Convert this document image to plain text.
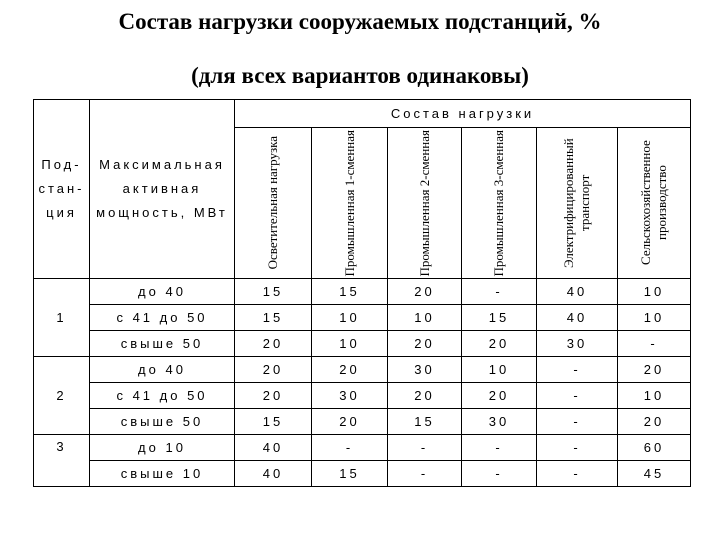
Состав нагрузки сооружаемых подстанций, %
(для всех вариантов одинаковы)
Под- стан- ция	Максимальная активная мощность, МВт	Состав нагрузки					

		Осветительная нагрузка	Промышленная 1-сменная	Промышленная 2-сменная	Промышленная 3-сменная	Электрифицированный транспорт	Сельскохозяйственное производство

1	до 40	15	15	20	-	40	10
	с 41 до 50	15	10	10	15	40	10
	свыше 50	20	10	20	20	30	-
2	до 40	20	20	30	10	-	20
	с 41 до 50	20	30	20	20	-	10
	свыше 50	15	20	15	30	-	20
3	до 10	40	-	-	-	-	60
	свыше 10	40	15	-	-	-	45
